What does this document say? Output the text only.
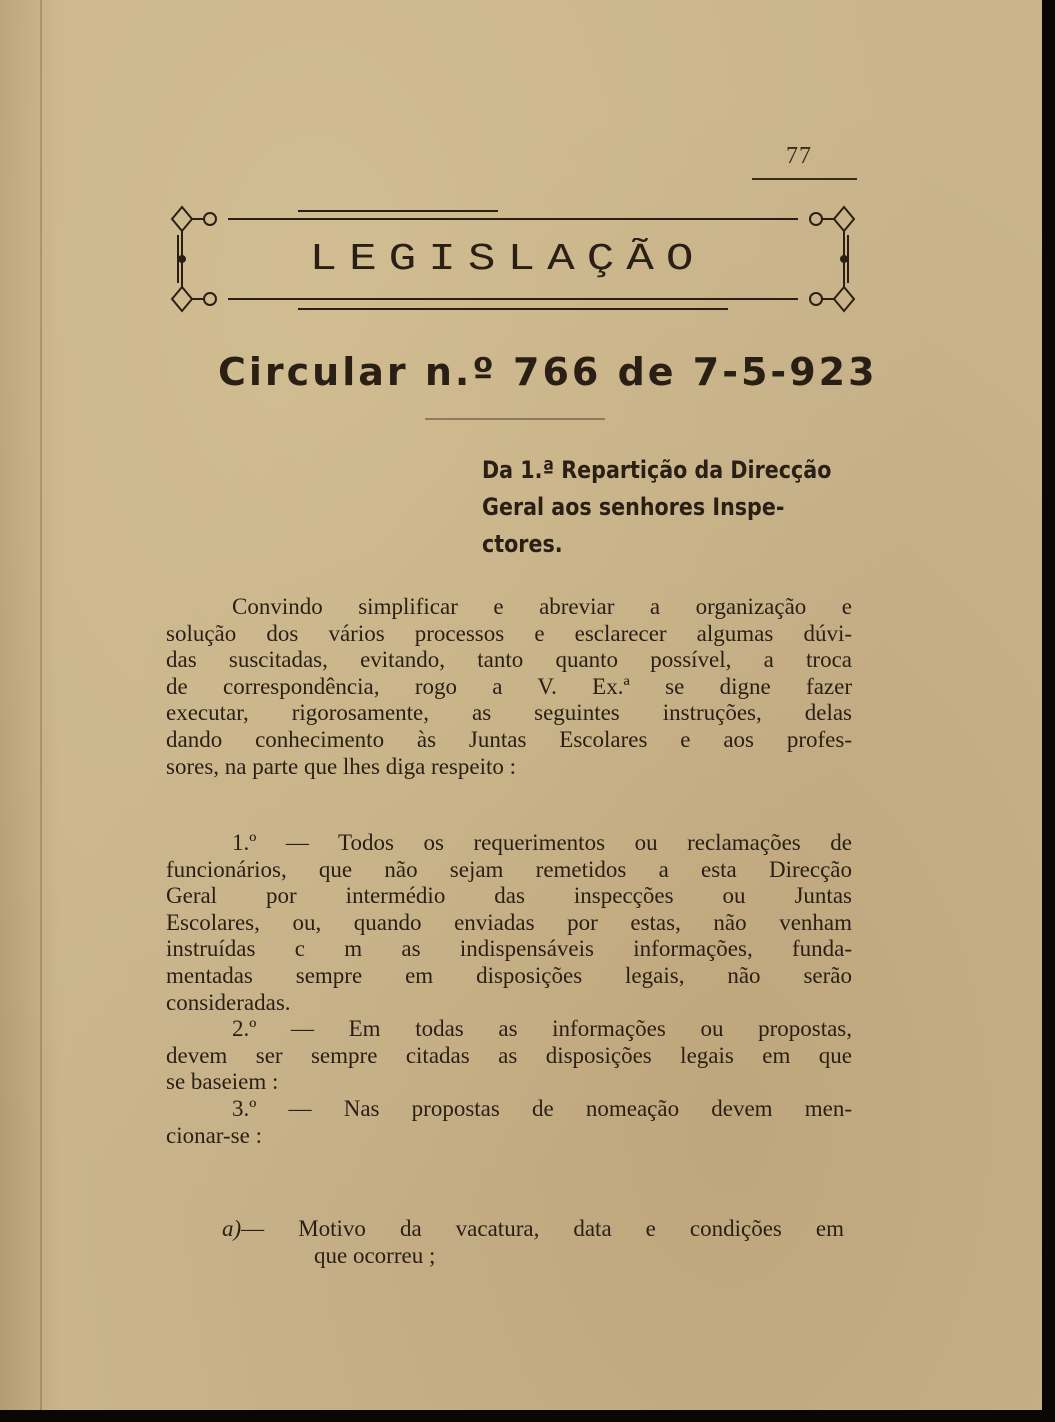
77
LEGISLAÇÃO
Circular n.º 766 de 7-5-923
Da 1.ª Repartição da Direcção
Geral aos senhores Inspe-
ctores.
Convindo simplificar e abreviar a organização e
solução dos vários processos e esclarecer algumas dúvi-
das suscitadas, evitando, tanto quanto possível, a troca
de correspondência, rogo a V. Ex.ª se digne fazer
executar, rigorosamente, as seguintes instruções, delas
dando conhecimento às Juntas Escolares e aos profes-
sores, na parte que lhes diga respeito :
1.º — Todos os requerimentos ou reclamações de
funcionários, que não sejam remetidos a esta Direcção
Geral por intermédio das inspecções ou Juntas
Escolares, ou, quando enviadas por estas, não venham
instruídas c m as indispensáveis informações, funda-
mentadas sempre em disposições legais, não serão
consideradas.
2.º — Em todas as informações ou propostas,
devem ser sempre citadas as disposições legais em que
se baseiem :
3.º — Nas propostas de nomeação devem men-
cionar-se :
a)— Motivo da vacatura, data e condições em
que ocorreu ;
